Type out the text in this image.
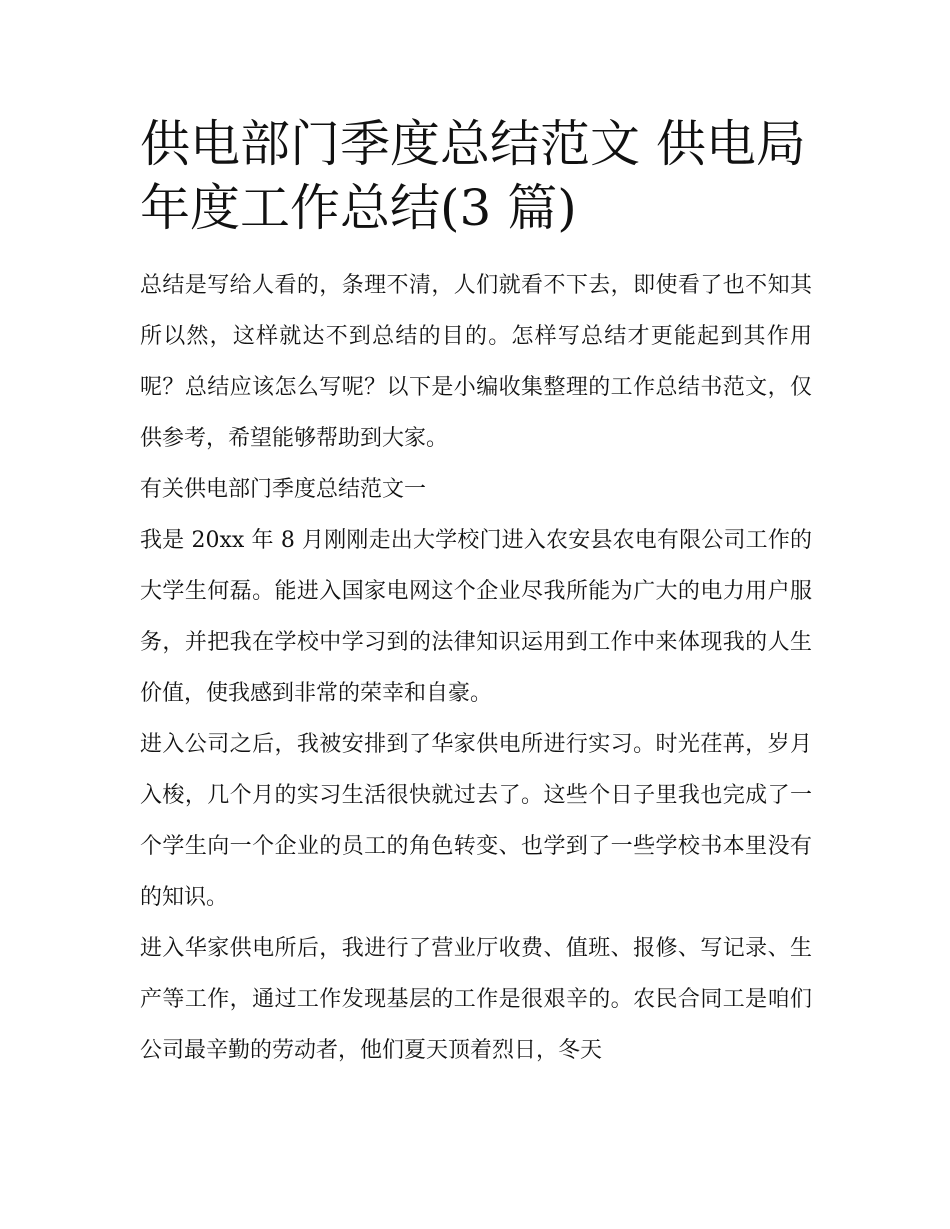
供电部门季度总结范文 供电局年度工作总结(3 篇)

总结是写给人看的，条理不清，人们就看不下去，即使看了也不知其所以然，这样就达不到总结的目的。怎样写总结才更能起到其作用呢？总结应该怎么写呢？以下是小编收集整理的工作总结书范文，仅供参考，希望能够帮助到大家。

有关供电部门季度总结范文一

我是 20xx 年 8 月刚刚走出大学校门进入农安县农电有限公司工作的大学生何磊。能进入国家电网这个企业尽我所能为广大的电力用户服务，并把我在学校中学习到的法律知识运用到工作中来体现我的人生价值，使我感到非常的荣幸和自豪。

进入公司之后，我被安排到了华家供电所进行实习。时光荏苒，岁月入梭，几个月的实习生活很快就过去了。这些个日子里我也完成了一个学生向一个企业的员工的角色转变、也学到了一些学校书本里没有的知识。

进入华家供电所后，我进行了营业厅收费、值班、报修、写记录、生产等工作，通过工作发现基层的工作是很艰辛的。农民合同工是咱们公司最辛勤的劳动者，他们夏天顶着烈日，冬天
